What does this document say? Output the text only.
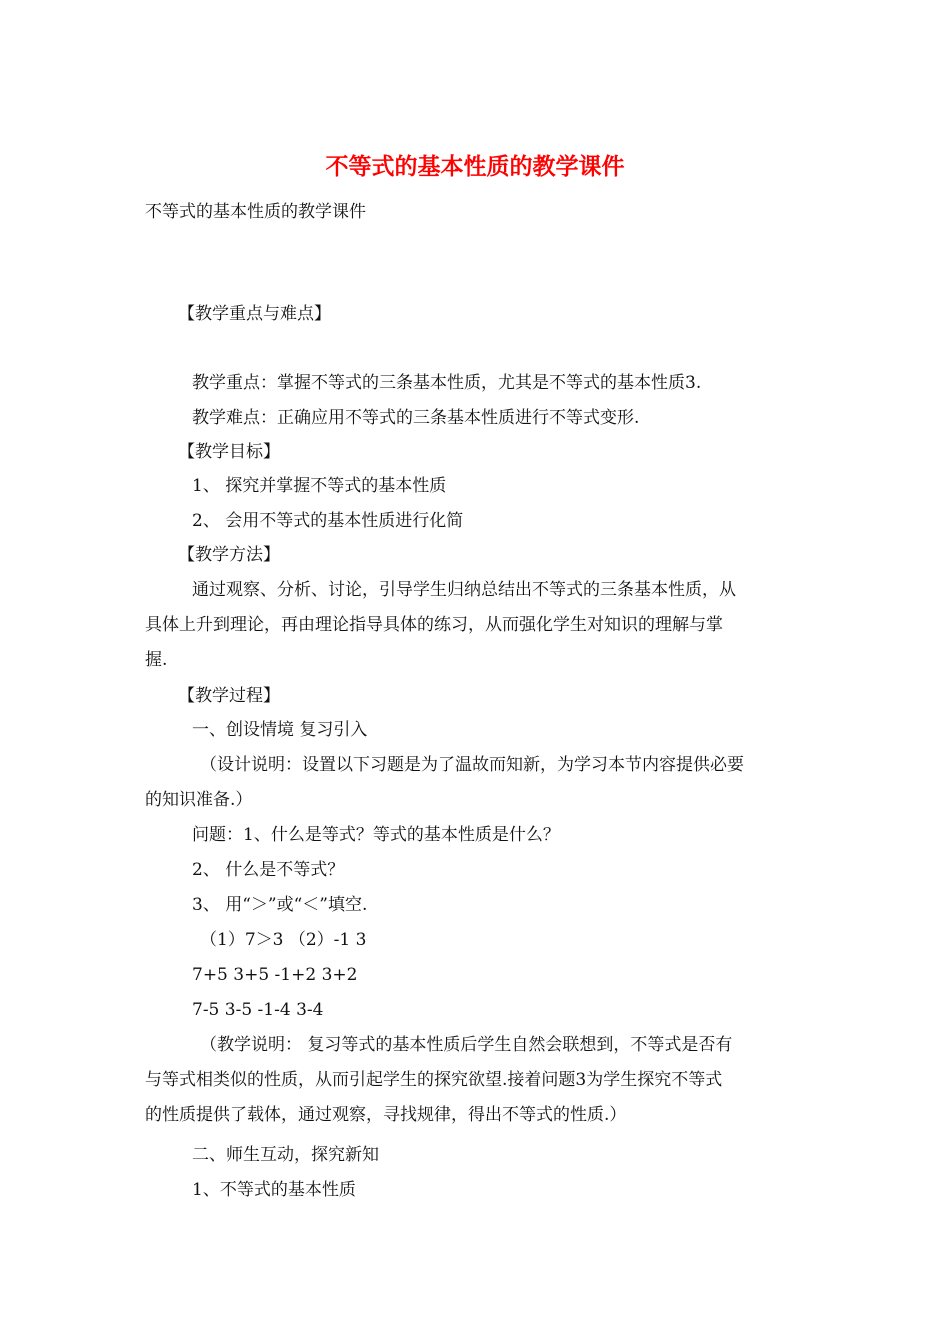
不等式的基本性质的教学课件

不等式的基本性质的教学课件

【教学重点与难点】

教学重点：掌握不等式的三条基本性质，尤其是不等式的基本性质3.

教学难点：正确应用不等式的三条基本性质进行不等式变形.

【教学目标】

1、 探究并掌握不等式的基本性质

2、 会用不等式的基本性质进行化简

【教学方法】

通过观察、分析、讨论，引导学生归纳总结出不等式的三条基本性质，从

具体上升到理论，再由理论指导具体的练习，从而强化学生对知识的理解与掌

握.

【教学过程】

一、创设情境 复习引入

（设计说明：设置以下习题是为了温故而知新，为学习本节内容提供必要

的知识准备.）

问题：1、什么是等式？等式的基本性质是什么？

2、 什么是不等式？

3、 用“＞”或“＜”填空.

（1）7＞3 （2）-1 3

7+5 3+5 -1+2 3+2

7-5 3-5 -1-4 3-4

（教学说明： 复习等式的基本性质后学生自然会联想到，不等式是否有

与等式相类似的性质，从而引起学生的探究欲望.接着问题3为学生探究不等式

的性质提供了载体，通过观察，寻找规律，得出不等式的性质.）

二、师生互动，探究新知

1、不等式的基本性质
